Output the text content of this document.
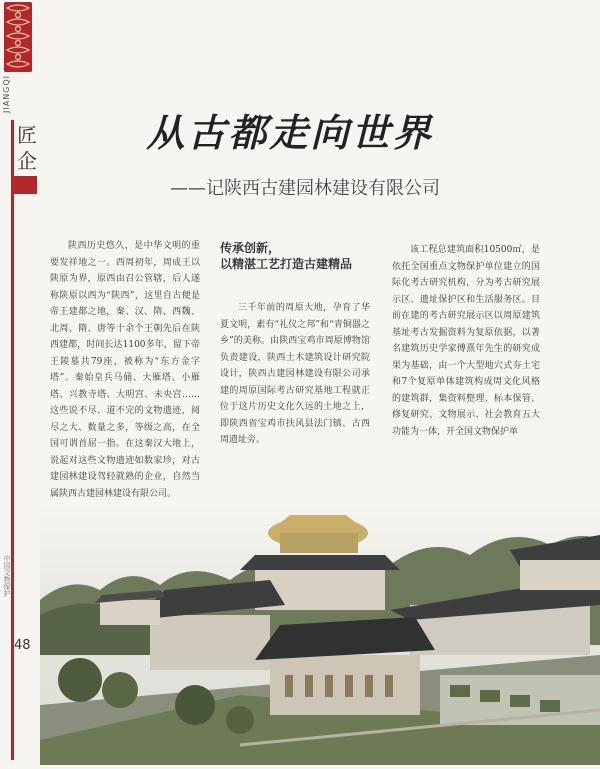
JIANGQI
匠企
中国文物保护
48
从古都走向世界
——记陕西古建园林建设有限公司
陕西历史悠久，是中华文明的重要发祥地之一。西周初年，周成王以陕原为界，原西由召公管辖，后人遂称陕原以西为“陕西”，这里自古便是帝王建都之地，秦、汉、隋、西魏、北周、隋、唐等十余个王朝先后在陕西建都，时间长达1100多年，留下帝王陵墓共79座，被称为“东方金字塔”。秦始皇兵马俑、大雁塔、小雁塔、兴教寺塔、大明宫、未央宫……这些说不尽、道不完的文物遗迹，阅尽之大、数量之多，等级之高，在全国可谓首屈一指。在这秦汉大地上，说起对这些文物遗迹如数家珍，对古建园林建设驾轻就熟的企业，自然当属陕西古建园林建设有限公司。
传承创新，
以精湛工艺打造古建精品
三千年前的周原大地，孕育了华夏文明，素有“礼仪之邦”和“青铜器之乡”的美称。由陕西宝鸡市周原博物馆负责建设，陕西土木建筑设计研究院设计，陕西古建园林建设有限公司承建的周原国际考古研究基地工程就正位于这片历史文化久远的土地之上，即陕西省宝鸡市扶风县法门镇、古西周遗址旁。
该工程总建筑面积10500㎡，是依托全国重点文物保护单位建立的国际化考古研究机构，分为考古研究展示区、遗址保护区和生活服务区。目前在建的考古研究展示区以周原建筑基址考古发掘资料为复原依据，以著名建筑历史学家傅熹年先生的研究成果为基础，由一个大型地穴式夯土宅和7个复原单体建筑构成周文化风格的建筑群，集资料整理、标本保管、修复研究、文物展示、社会教育五大功能为一体，开全国文物保护单
